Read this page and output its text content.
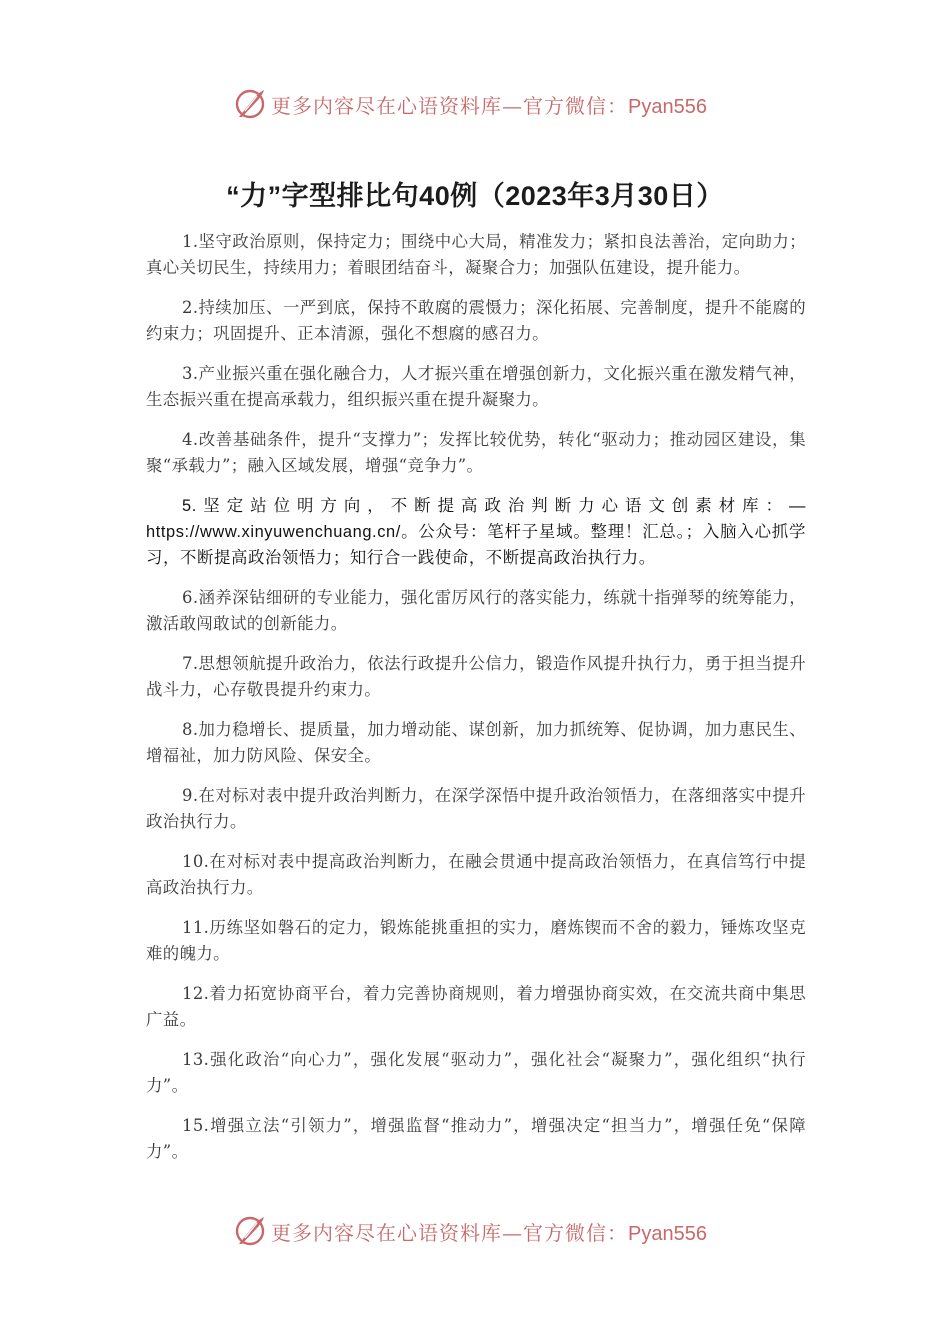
更多内容尽在心语资料库—官方微信：Pyan556
“力”字型排比句40例（2023年3月30日）

1.坚守政治原则，保持定力；围绕中心大局，精准发力；紧扣良法善治，定向助力；真心关切民生，持续用力；着眼团结奋斗，凝聚合力；加强队伍建设，提升能力。

2.持续加压、一严到底，保持不敢腐的震慑力；深化拓展、完善制度，提升不能腐的约束力；巩固提升、正本清源，强化不想腐的感召力。

3.产业振兴重在强化融合力，人才振兴重在增强创新力，文化振兴重在激发精气神，生态振兴重在提高承载力，组织振兴重在提升凝聚力。

4.改善基础条件，提升“支撑力”；发挥比较优势，转化“驱动力；推动园区建设，集聚“承载力”；融入区域发展，增强“竞争力”。

5.坚定站位明方向，不断提高政治判断力心语文创素材库：—https://www.xinyuwenchuang.cn/。公众号：笔杆子星域。整理！汇总。；入脑入心抓学习，不断提高政治领悟力；知行合一践使命，不断提高政治执行力。

6.涵养深钻细研的专业能力，强化雷厉风行的落实能力，练就十指弹琴的统筹能力，激活敢闯敢试的创新能力。

7.思想领航提升政治力，依法行政提升公信力，锻造作风提升执行力，勇于担当提升战斗力，心存敬畏提升约束力。

8.加力稳增长、提质量，加力增动能、谋创新，加力抓统筹、促协调，加力惠民生、增福祉，加力防风险、保安全。

9.在对标对表中提升政治判断力，在深学深悟中提升政治领悟力，在落细落实中提升政治执行力。

10.在对标对表中提高政治判断力，在融会贯通中提高政治领悟力，在真信笃行中提高政治执行力。

11.历练坚如磐石的定力，锻炼能挑重担的实力，磨炼锲而不舍的毅力，锤炼攻坚克难的魄力。

12.着力拓宽协商平台，着力完善协商规则，着力增强协商实效，在交流共商中集思广益。

13.强化政治“向心力”，强化发展“驱动力”，强化社会“凝聚力”，强化组织“执行力”。

15.增强立法“引领力”，增强监督“推动力”，增强决定“担当力”，增强任免“保障力”。

更多内容尽在心语资料库—官方微信：Pyan556
